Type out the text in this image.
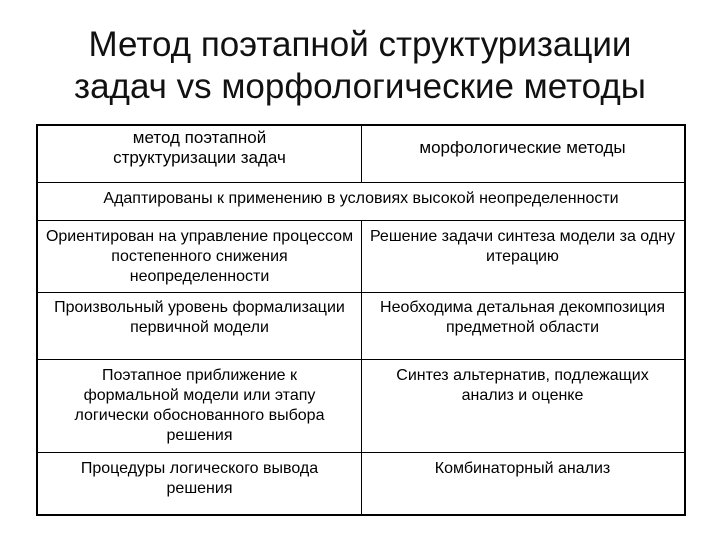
Метод поэтапной структуризации
задач vs морфологические методы
метод поэтапной структуризации задач
морфологические методы
Адаптированы к применению в условиях высокой неопределенности
Ориентирован на управление процессом постепенного снижения неопределенности
Решение задачи синтеза модели за одну итерацию
Произвольный уровень формализации первичной модели
Необходима детальная декомпозиция предметной области
Поэтапное приближение к формальной модели или этапу логически обоснованного выбора решения
Синтез альтернатив, подлежащих анализ и оценке
Процедуры логического вывода решения
Комбинаторный анализ
